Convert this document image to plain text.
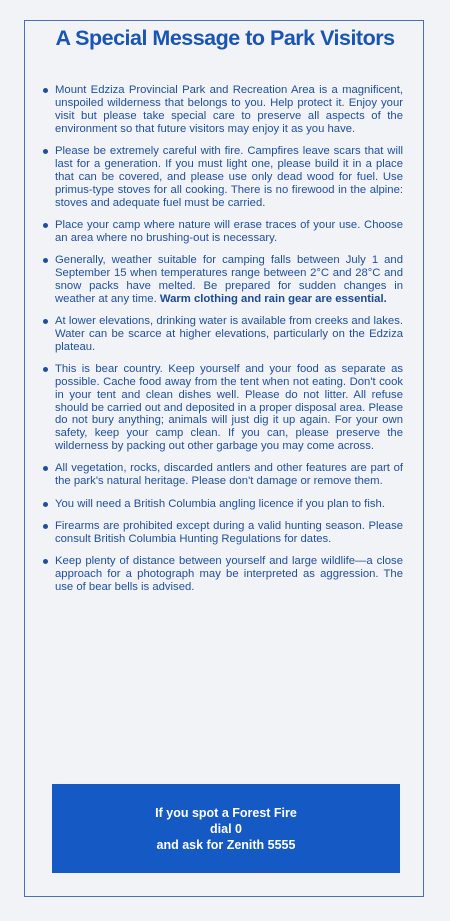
A Special Message to Park Visitors
Mount Edziza Provincial Park and Recreation Area is a magnificent, unspoiled wilderness that belongs to you. Help protect it. Enjoy your visit but please take special care to preserve all aspects of the environment so that future visitors may enjoy it as you have.
Please be extremely careful with fire. Campfires leave scars that will last for a generation. If you must light one, please build it in a place that can be covered, and please use only dead wood for fuel. Use primus-type stoves for all cooking. There is no firewood in the alpine: stoves and adequate fuel must be carried.
Place your camp where nature will erase traces of your use. Choose an area where no brushing-out is necessary.
Generally, weather suitable for camping falls between July 1 and September 15 when temperatures range between 2°C and 28°C and snow packs have melted. Be prepared for sudden changes in weather at any time. Warm clothing and rain gear are essential.
At lower elevations, drinking water is available from creeks and lakes. Water can be scarce at higher elevations, particularly on the Edziza plateau.
This is bear country. Keep yourself and your food as separate as possible. Cache food away from the tent when not eating. Don't cook in your tent and clean dishes well. Please do not litter. All refuse should be carried out and deposited in a proper disposal area. Please do not bury anything; animals will just dig it up again. For your own safety, keep your camp clean. If you can, please preserve the wilderness by packing out other garbage you may come across.
All vegetation, rocks, discarded antlers and other features are part of the park's natural heritage. Please don't damage or remove them.
You will need a British Columbia angling licence if you plan to fish.
Firearms are prohibited except during a valid hunting season. Please consult British Columbia Hunting Regulations for dates.
Keep plenty of distance between yourself and large wildlife—a close approach for a photograph may be interpreted as aggression. The use of bear bells is advised.
If you spot a Forest Fire
dial 0
and ask for Zenith 5555
